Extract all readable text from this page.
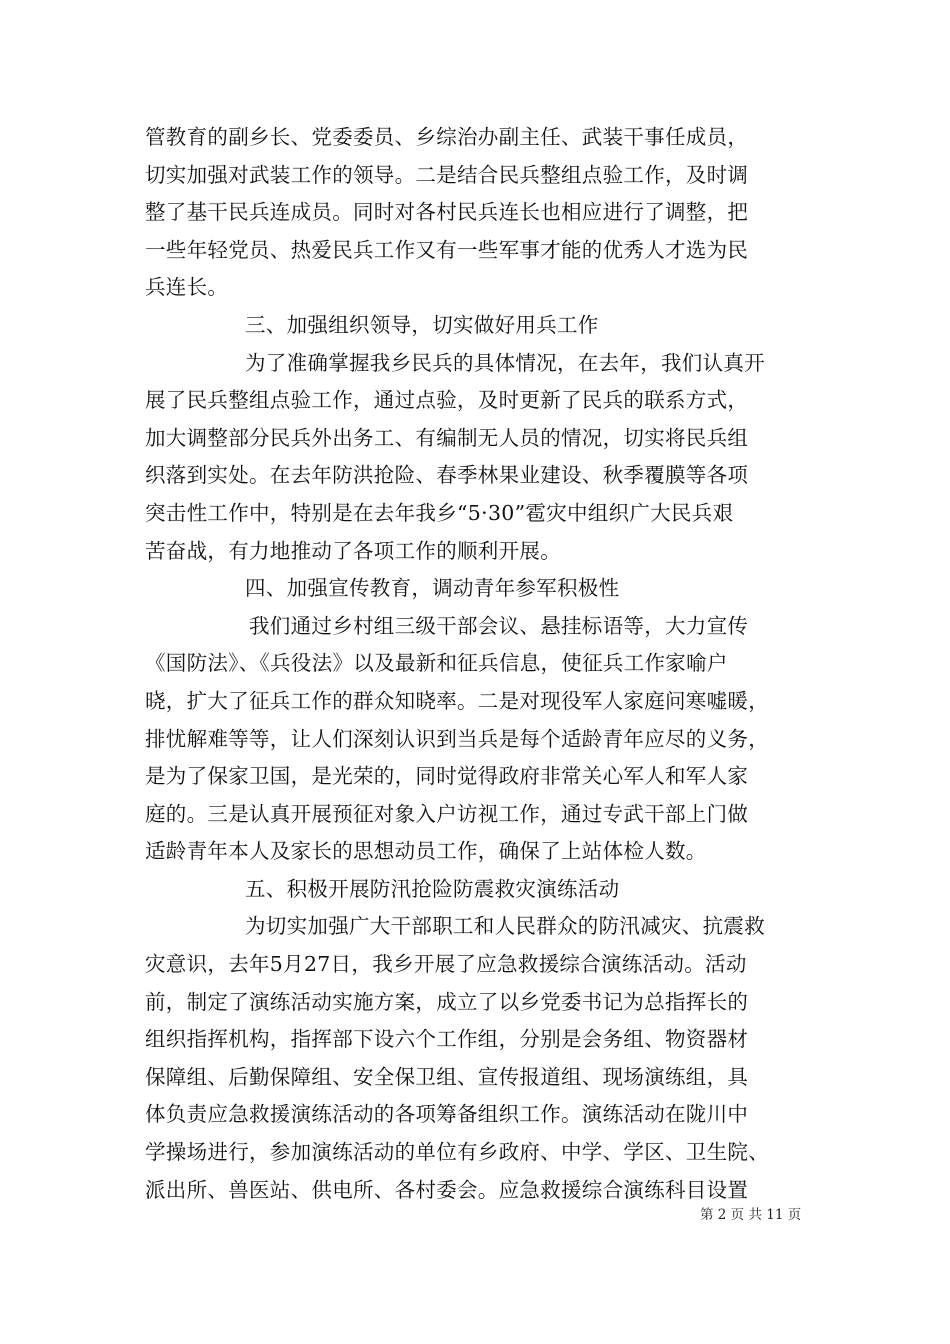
管教育的副乡长、党委委员、乡综治办副主任、武装干事任成员，
切实加强对武装工作的领导。二是结合民兵整组点验工作，及时调
整了基干民兵连成员。同时对各村民兵连长也相应进行了调整，把
一些年轻党员、热爱民兵工作又有一些军事才能的优秀人才选为民
兵连长。
三、加强组织领导，切实做好用兵工作
为了准确掌握我乡民兵的具体情况，在去年，我们认真开
展了民兵整组点验工作，通过点验，及时更新了民兵的联系方式，
加大调整部分民兵外出务工、有编制无人员的情况，切实将民兵组
织落到实处。在去年防洪抢险、春季林果业建设、秋季覆膜等各项
突击性工作中，特别是在去年我乡“5·30”雹灾中组织广大民兵艰
苦奋战，有力地推动了各项工作的顺利开展。
四、加强宣传教育，调动青年参军积极性
我们通过乡村组三级干部会议、悬挂标语等，大力宣传
《国防法》、《兵役法》以及最新和征兵信息，使征兵工作家喻户
晓，扩大了征兵工作的群众知晓率。二是对现役军人家庭问寒嘘暖，
排忧解难等等，让人们深刻认识到当兵是每个适龄青年应尽的义务，
是为了保家卫国，是光荣的，同时觉得政府非常关心军人和军人家
庭的。三是认真开展预征对象入户访视工作，通过专武干部上门做
适龄青年本人及家长的思想动员工作，确保了上站体检人数。
五、积极开展防汛抢险防震救灾演练活动
为切实加强广大干部职工和人民群众的防汛减灾、抗震救
灾意识，去年5月27日，我乡开展了应急救援综合演练活动。活动
前，制定了演练活动实施方案，成立了以乡党委书记为总指挥长的
组织指挥机构，指挥部下设六个工作组，分别是会务组、物资器材
保障组、后勤保障组、安全保卫组、宣传报道组、现场演练组，具
体负责应急救援演练活动的各项筹备组织工作。演练活动在陇川中
学操场进行，参加演练活动的单位有乡政府、中学、学区、卫生院、
派出所、兽医站、供电所、各村委会。应急救援综合演练科目设置
第 2 页 共 11 页
